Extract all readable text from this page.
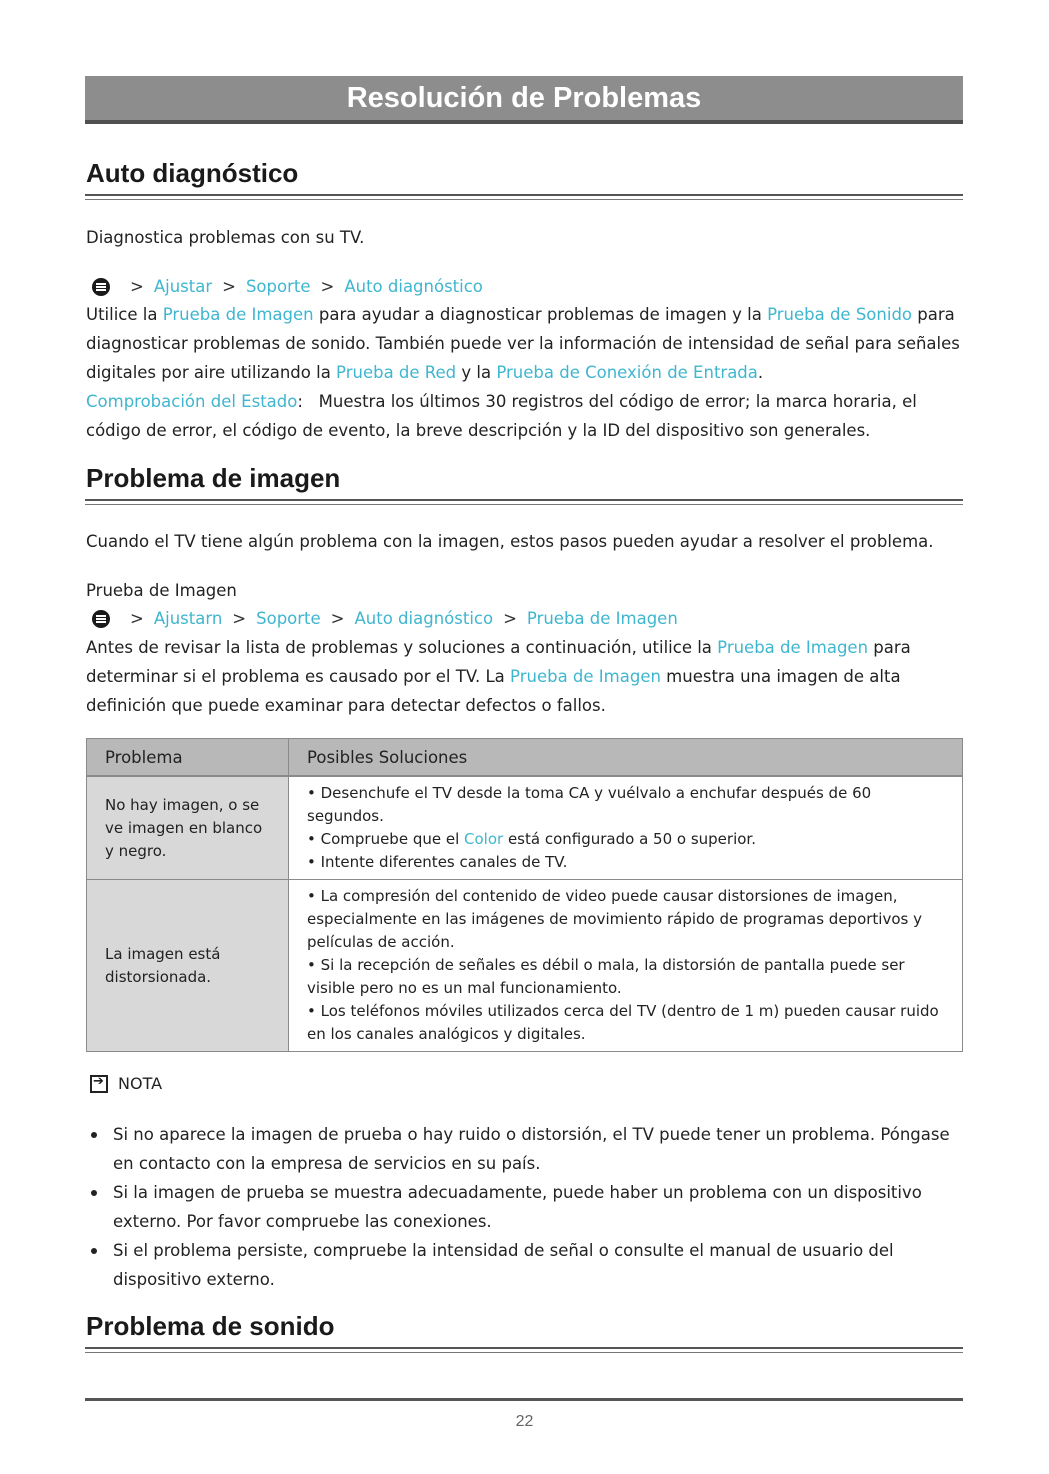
Resolución de Problemas
Auto diagnóstico

Diagnostica problemas con su TV.

> Ajustar > Soporte > Auto diagnóstico

Utilice la Prueba de Imagen para ayudar a diagnosticar problemas de imagen y la Prueba de Sonido para diagnosticar problemas de sonido. También puede ver la información de intensidad de señal para señales digitales por aire utilizando la Prueba de Red y la Prueba de Conexión de Entrada.

Comprobación del Estado:   Muestra los últimos 30 registros del código de error; la marca horaria, el código de error, el código de evento, la breve descripción y la ID del dispositivo son generales.

Problema de imagen

Cuando el TV tiene algún problema con la imagen, estos pasos pueden ayudar a resolver el problema.

Prueba de Imagen

> Ajustarn > Soporte > Auto diagnóstico > Prueba de Imagen

Antes de revisar la lista de problemas y soluciones a continuación, utilice la Prueba de Imagen para determinar si el problema es causado por el TV. La Prueba de Imagen muestra una imagen de alta definición que puede examinar para detectar defectos o fallos.

Problema	Posibles Soluciones
No hay imagen, o se ve imagen en blanco y negro.	• Desenchufe el TV desde la toma CA y vuélvalo a enchufar después de 60 segundos.
• Compruebe que el Color está configurado a 50 o superior.
• Intente diferentes canales de TV.

La imagen está distorsionada.	• La compresión del contenido de video puede causar distorsiones de imagen, especialmente en las imágenes de movimiento rápido de programas deportivos y películas de acción.
• Si la recepción de señales es débil o mala, la distorsión de pantalla puede ser visible pero no es un mal funcionamiento.
• Los teléfonos móviles utilizados cerca del TV (dentro de 1 m) pueden causar ruido en los canales analógicos y digitales.
➔
NOTA
Si no aparece la imagen de prueba o hay ruido o distorsión, el TV puede tener un problema. Póngase en contacto con la empresa de servicios en su país.
Si la imagen de prueba se muestra adecuadamente, puede haber un problema con un dispositivo externo. Por favor compruebe las conexiones.
Si el problema persiste, compruebe la intensidad de señal o consulte el manual de usuario del dispositivo externo.
Problema de sonido
22
